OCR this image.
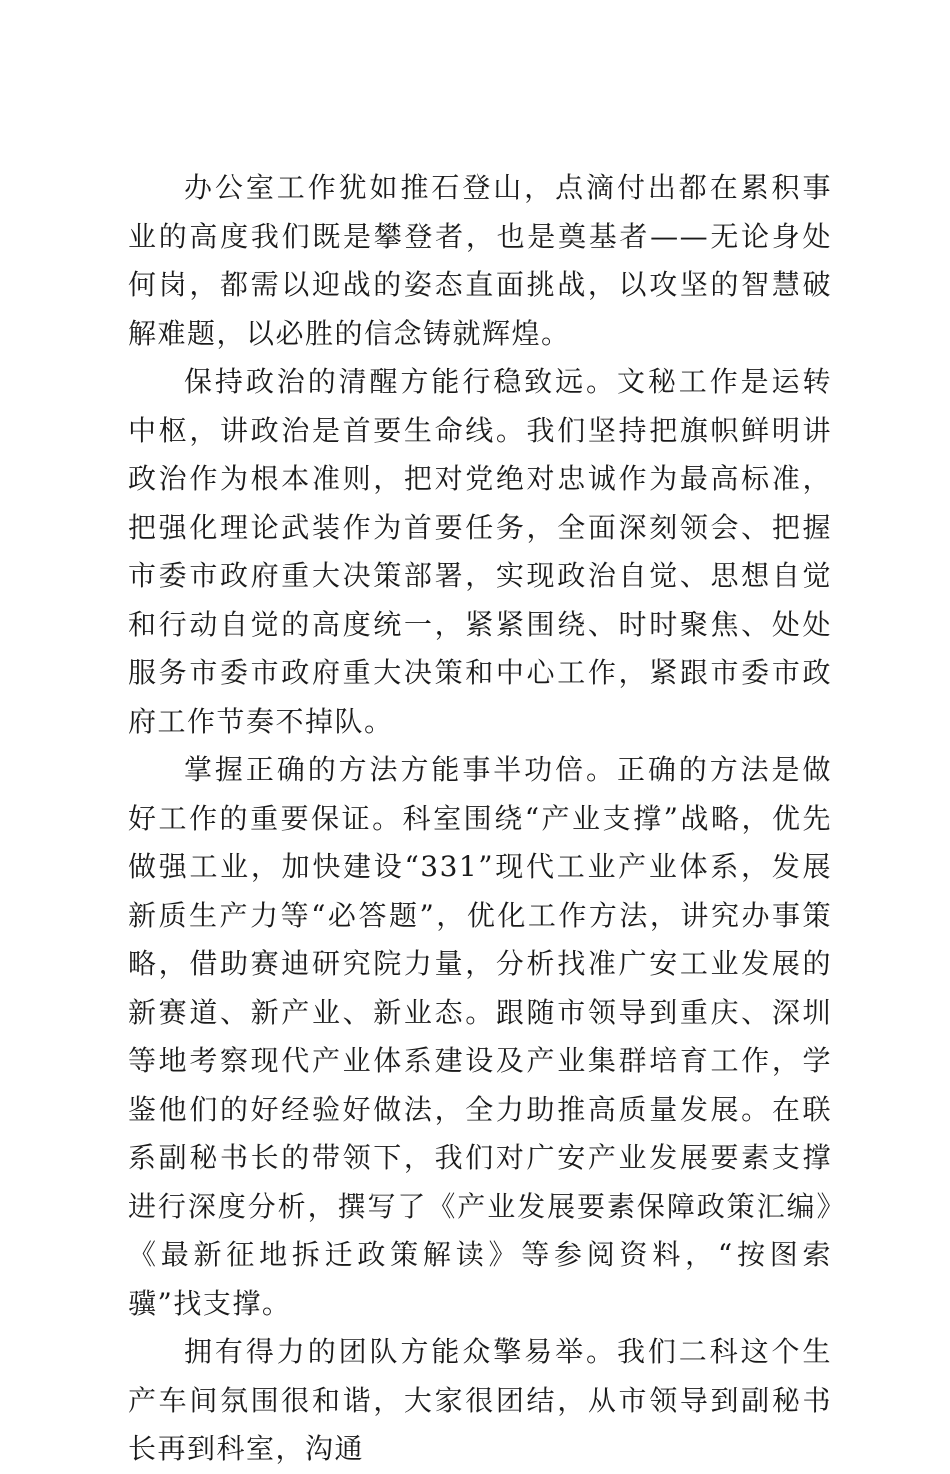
办公室工作犹如推石登山，点滴付出都在累积事业的高度我们既是攀登者，也是奠基者——无论身处何岗，都需以迎战的姿态直面挑战，以攻坚的智慧破解难题，以必胜的信念铸就辉煌。

保持政治的清醒方能行稳致远。文秘工作是运转中枢，讲政治是首要生命线。我们坚持把旗帜鲜明讲政治作为根本准则，把对党绝对忠诚作为最高标准，把强化理论武装作为首要任务，全面深刻领会、把握市委市政府重大决策部署，实现政治自觉、思想自觉和行动自觉的高度统一，紧紧围绕、时时聚焦、处处服务市委市政府重大决策和中心工作，紧跟市委市政府工作节奏不掉队。

掌握正确的方法方能事半功倍。正确的方法是做好工作的重要保证。科室围绕“产业支撑”战略，优先做强工业，加快建设“331”现代工业产业体系，发展新质生产力等“必答题”，优化工作方法，讲究办事策略，借助赛迪研究院力量，分析找准广安工业发展的新赛道、新产业、新业态。跟随市领导到重庆、深圳等地考察现代产业体系建设及产业集群培育工作，学鉴他们的好经验好做法，全力助推高质量发展。在联系副秘书长的带领下，我们对广安产业发展要素支撑进行深度分析，撰写了《产业发展要素保障政策汇编》《最新征地拆迁政策解读》等参阅资料，“按图索骥”找支撑。

拥有得力的团队方能众擎易举。我们二科这个生产车间氛围很和谐，大家很团结，从市领导到副秘书长再到科室，沟通
